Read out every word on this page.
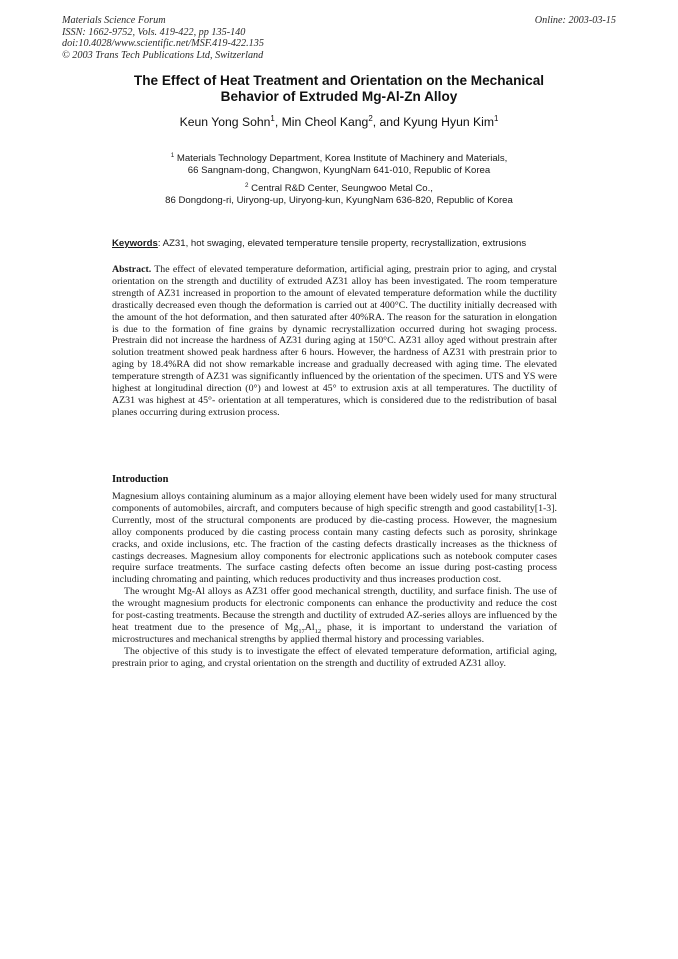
Materials Science Forum
ISSN: 1662-9752, Vols. 419-422, pp 135-140
doi:10.4028/www.scientific.net/MSF.419-422.135
© 2003 Trans Tech Publications Ltd, Switzerland
Online: 2003-03-15
The Effect of Heat Treatment and Orientation on the Mechanical
Behavior of Extruded Mg-Al-Zn Alloy
Keun Yong Sohn$^1$, Min Cheol Kang$^2$, and Kyung Hyun Kim$^1$
$^1$ Materials Technology Department, Korea Institute of Machinery and Materials,
66 Sangnam-dong, Changwon, KyungNam 641-010, Republic of Korea
$^2$ Central R&D Center, Seungwoo Metal Co.,
86 Dongdong-ri, Uiryong-up, Uiryong-kun, KyungNam 636-820, Republic of Korea
Keywords: AZ31, hot swaging, elevated temperature tensile property, recrystallization, extrusions

Abstract. The effect of elevated temperature deformation, artificial aging, prestrain prior to aging, and crystal orientation on the strength and ductility of extruded AZ31 alloy has been investigated. The room temperature strength of AZ31 increased in proportion to the amount of elevated temperature deformation while the ductility drastically decreased even though the deformation is carried out at 400°C. The ductility initially decreased with the amount of the hot deformation, and then saturated after 40%RA. The reason for the saturation in elongation is due to the formation of fine grains by dynamic recrystallization occurred during hot swaging process. Prestrain did not increase the hardness of AZ31 during aging at 150°C. AZ31 alloy aged without prestrain after solution treatment showed peak hardness after 6 hours. However, the hardness of AZ31 with prestrain prior to aging by 18.4%RA did not show remarkable increase and gradually decreased with aging time. The elevated temperature strength of AZ31 was significantly influenced by the orientation of the specimen. UTS and YS were highest at longitudinal direction (0°) and lowest at 45° to extrusion axis at all temperatures. The ductility of AZ31 was highest at 45°- orientation at all temperatures, which is considered due to the redistribution of basal planes occurring during extrusion process.

Introduction

Magnesium alloys containing aluminum as a major alloying element have been widely used for many structural components of automobiles, aircraft, and computers because of high specific strength and good castability[1-3]. Currently, most of the structural components are produced by die-casting process. However, the magnesium alloy components produced by die casting process contain many casting defects such as porosity, shrinkage cracks, and oxide inclusions, etc. The fraction of the casting defects drastically increases as the thickness of castings decreases. Magnesium alloy components for electronic applications such as notebook computer cases require surface treatments. The surface casting defects often become an issue during post-casting process including chromating and painting, which reduces productivity and thus increases production cost.

The wrought Mg-Al alloys as AZ31 offer good mechanical strength, ductility, and surface finish. The use of the wrought magnesium products for electronic components can enhance the productivity and reduce the cost for post-casting treatments. Because the strength and ductility of extruded AZ-series alloys are influenced by the heat treatment due to the presence of $Mg_{17}Al_{12}$ phase, it is important to understand the variation of microstructures and mechanical strengths by applied thermal history and processing variables.

The objective of this study is to investigate the effect of elevated temperature deformation, artificial aging, prestrain prior to aging, and crystal orientation on the strength and ductility of extruded AZ31 alloy.
